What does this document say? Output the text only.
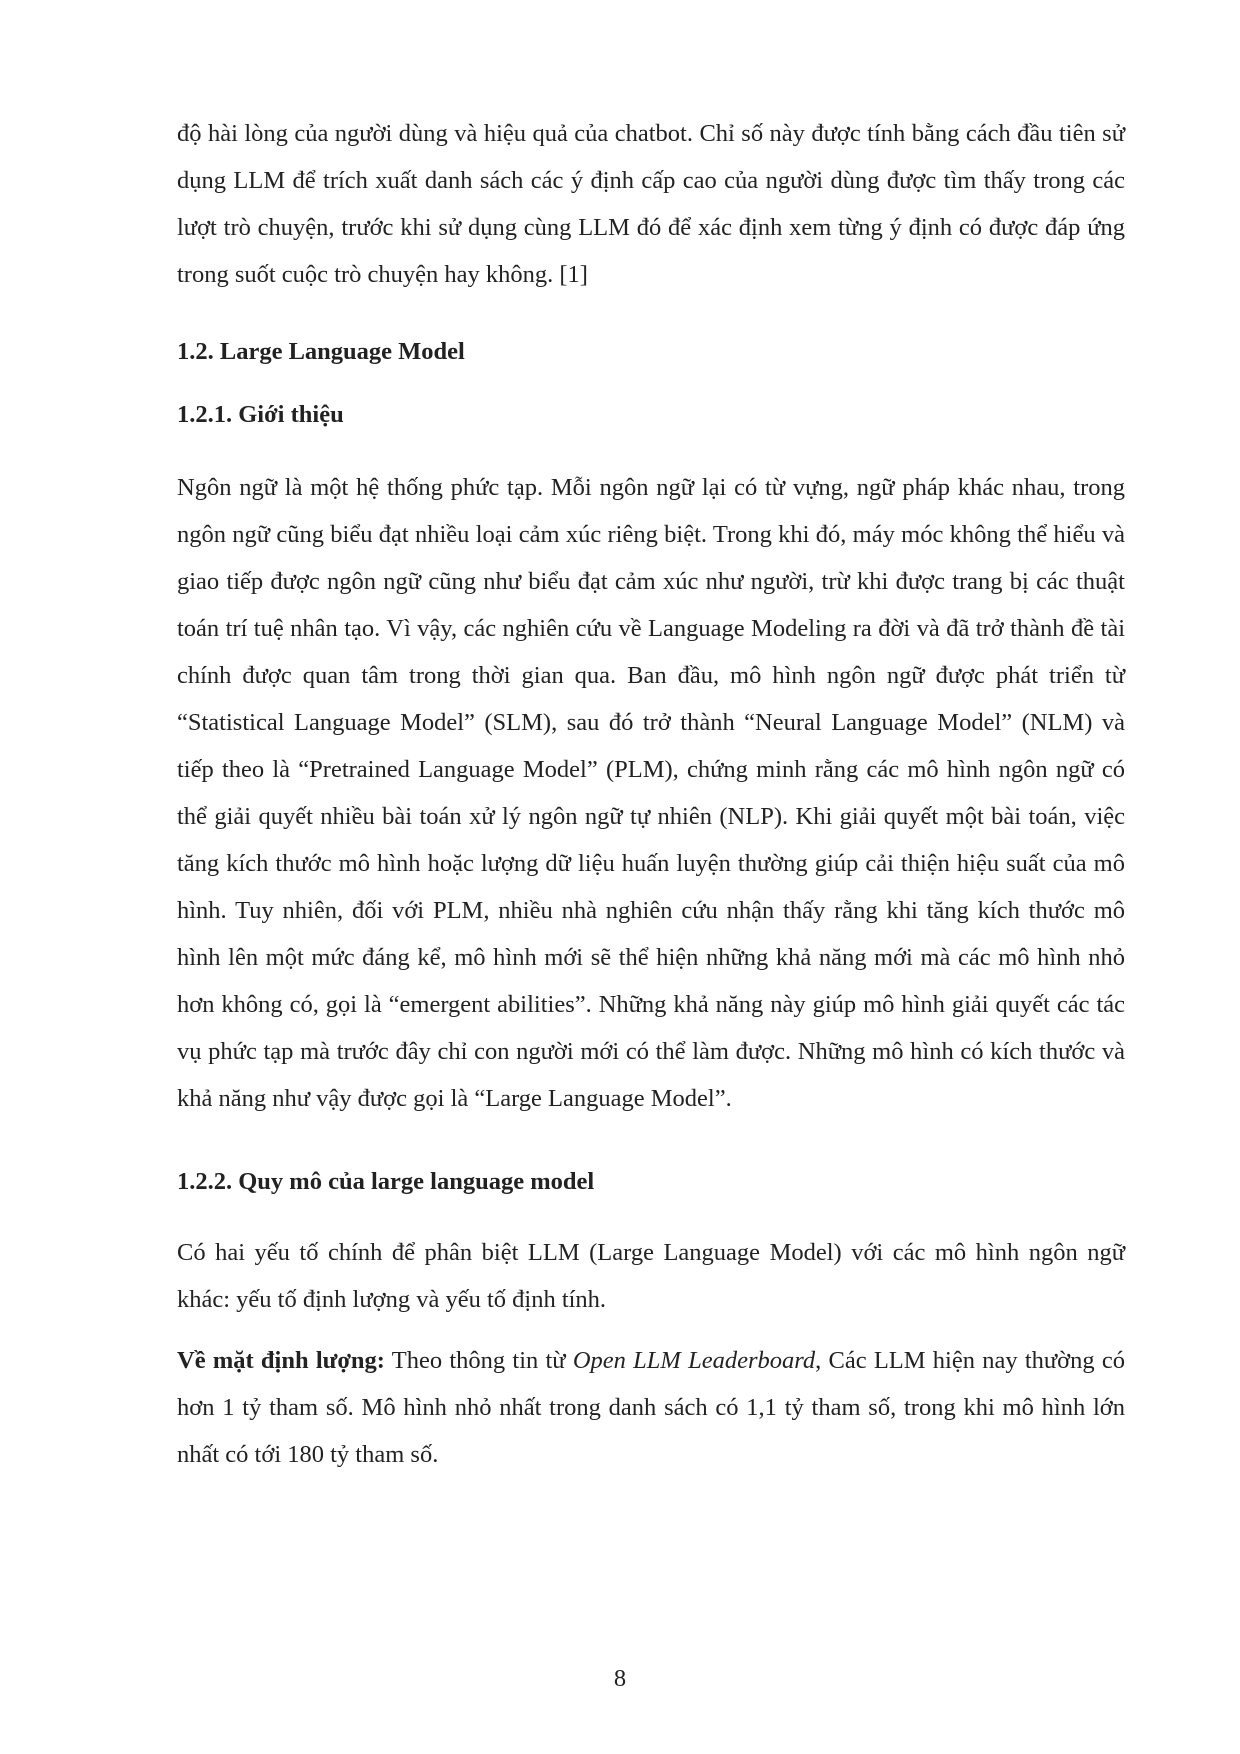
độ hài lòng của người dùng và hiệu quả của chatbot. Chỉ số này được tính bằng cách đầu tiên sử dụng LLM để trích xuất danh sách các ý định cấp cao của người dùng được tìm thấy trong các lượt trò chuyện, trước khi sử dụng cùng LLM đó để xác định xem từng ý định có được đáp ứng trong suốt cuộc trò chuyện hay không. [1]

1.2. Large Language Model
1.2.1. Giới thiệu

Ngôn ngữ là một hệ thống phức tạp. Mỗi ngôn ngữ lại có từ vựng, ngữ pháp khác nhau, trong ngôn ngữ cũng biểu đạt nhiều loại cảm xúc riêng biệt. Trong khi đó, máy móc không thể hiểu và giao tiếp được ngôn ngữ cũng như biểu đạt cảm xúc như người, trừ khi được trang bị các thuật toán trí tuệ nhân tạo. Vì vậy, các nghiên cứu về Language Modeling ra đời và đã trở thành đề tài chính được quan tâm trong thời gian qua. Ban đầu, mô hình ngôn ngữ được phát triển từ “Statistical Language Model” (SLM), sau đó trở thành “Neural Language Model” (NLM) và tiếp theo là “Pretrained Language Model” (PLM), chứng minh rằng các mô hình ngôn ngữ có thể giải quyết nhiều bài toán xử lý ngôn ngữ tự nhiên (NLP). Khi giải quyết một bài toán, việc tăng kích thước mô hình hoặc lượng dữ liệu huấn luyện thường giúp cải thiện hiệu suất của mô hình. Tuy nhiên, đối với PLM, nhiều nhà nghiên cứu nhận thấy rằng khi tăng kích thước mô hình lên một mức đáng kể, mô hình mới sẽ thể hiện những khả năng mới mà các mô hình nhỏ hơn không có, gọi là “emergent abilities”. Những khả năng này giúp mô hình giải quyết các tác vụ phức tạp mà trước đây chỉ con người mới có thể làm được. Những mô hình có kích thước và khả năng như vậy được gọi là “Large Language Model”.

1.2.2. Quy mô của large language model

Có hai yếu tố chính để phân biệt LLM (Large Language Model) với các mô hình ngôn ngữ khác: yếu tố định lượng và yếu tố định tính.

Về mặt định lượng: Theo thông tin từ Open LLM Leaderboard, Các LLM hiện nay thường có hơn 1 tỷ tham số. Mô hình nhỏ nhất trong danh sách có 1,1 tỷ tham số, trong khi mô hình lớn nhất có tới 180 tỷ tham số.

8
